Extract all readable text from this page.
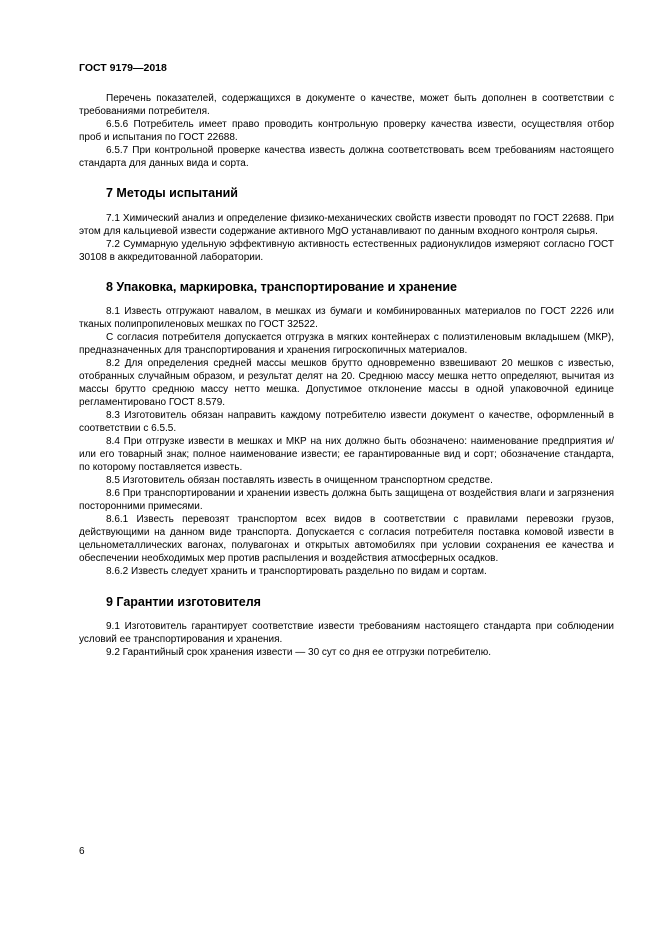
ГОСТ 9179—2018

Перечень показателей, содержащихся в документе о качестве, может быть дополнен в соответствии с требованиями потребителя.

6.5.6 Потребитель имеет право проводить контрольную проверку качества извести, осуществляя отбор проб и испытания по ГОСТ 22688.

6.5.7 При контрольной проверке качества известь должна соответствовать всем требованиям настоящего стандарта для данных вида и сорта.

7 Методы испытаний

7.1 Химический анализ и определение физико-механических свойств извести проводят по ГОСТ 22688. При этом для кальциевой извести содержание активного MgO устанавливают по данным входного контроля сырья.

7.2 Суммарную удельную эффективную активность естественных радионуклидов измеряют согласно ГОСТ 30108 в аккредитованной лаборатории.

8 Упаковка, маркировка, транспортирование и хранение

8.1 Известь отгружают навалом, в мешках из бумаги и комбинированных материалов по ГОСТ 2226 или тканых полипропиленовых мешках по ГОСТ 32522.

С согласия потребителя допускается отгрузка в мягких контейнерах с полиэтиленовым вкладышем (МКР), предназначенных для транспортирования и хранения гигроскопичных материалов.

8.2 Для определения средней массы мешков брутто одновременно взвешивают 20 мешков с известью, отобранных случайным образом, и результат делят на 20. Среднюю массу мешка нетто определяют, вычитая из массы брутто среднюю массу нетто мешка. Допустимое отклонение массы в одной упаковочной единице регламентировано ГОСТ 8.579.

8.3 Изготовитель обязан направить каждому потребителю извести документ о качестве, оформленный в соответствии с 6.5.5.

8.4 При отгрузке извести в мешках и МКР на них должно быть обозначено: наименование предприятия и/или его товарный знак; полное наименование извести; ее гарантированные вид и сорт; обозначение стандарта, по которому поставляется известь.

8.5 Изготовитель обязан поставлять известь в очищенном транспортном средстве.

8.6 При транспортировании и хранении известь должна быть защищена от воздействия влаги и загрязнения посторонними примесями.

8.6.1 Известь перевозят транспортом всех видов в соответствии с правилами перевозки грузов, действующими на данном виде транспорта. Допускается с согласия потребителя поставка комовой извести в цельнометаллических вагонах, полувагонах и открытых автомобилях при условии сохранения ее качества и обеспечении необходимых мер против распыления и воздействия атмосферных осадков.

8.6.2 Известь следует хранить и транспортировать раздельно по видам и сортам.

9 Гарантии изготовителя

9.1 Изготовитель гарантирует соответствие извести требованиям настоящего стандарта при соблюдении условий ее транспортирования и хранения.

9.2 Гарантийный срок хранения извести — 30 сут со дня ее отгрузки потребителю.

6
